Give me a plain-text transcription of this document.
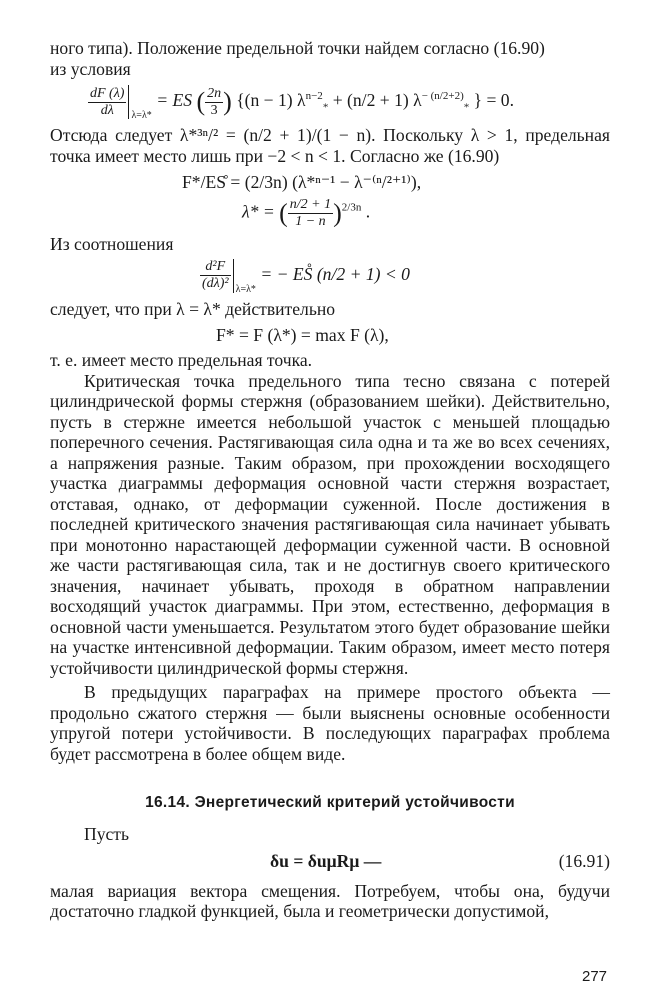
ного типа). Положение предельной точки найдем согласно (16.90)

из условия

$\frac{dF (\lambda)}{d\lambda} _{\lambda=\lambda*}$ = ES ( $\frac{2n}{3}$ ) {(n − 1) $\lambda^{n-2}_* + (n/2 + 1)$ $\lambda^{- (n/2+2)}_*$ } = 0.

Отсюда следует λ*³ⁿ/² = (n/2 + 1)/(1 − n). Поскольку λ > 1, предельная точка имеет место лишь при −2 < n < 1. Согласно же (16.90)

F*/ES̊ = (2/3n) (λ*ⁿ⁻¹ − λ⁻⁽ⁿ/²⁺¹⁾),
λ* = ( $\frac{n/2 + 1}{1 - n} )^{2/3n}$ .

Из соотношения

$\frac{\text{d²F}}{\text{(dλ)²}} _{\lambda=\lambda*}$ = − ES̊ (n/2 + 1) < 0

следует, что при λ = λ* действительно

F* = F (λ*) = max F (λ),

т. е. имеет место предельная точка.

Критическая точка предельного типа тесно связана с потерей цилиндрической формы стержня (образованием шейки). Действительно, пусть в стержне имеется небольшой участок с меньшей площадью поперечного сечения. Растягивающая сила одна и та же во всех сечениях, а напряжения разные. Таким образом, при прохождении восходящего участка диаграммы деформация основной части стержня возрастает, отставая, однако, от деформации суженной. После достижения в последней критического значения растягивающая сила начинает убывать при монотонно нарастающей деформации суженной части. В основной же части растягивающая сила, так и не достигнув своего критического значения, начинает убывать, проходя в обратном направлении восходящий участок диаграммы. При этом, естественно, деформация в основной части уменьшается. Результатом этого будет образование шейки на участке интенсивной деформации. Таким образом, имеет место потеря устойчивости цилиндрической формы стержня.

В предыдущих параграфах на примере простого объекта — продольно сжатого стержня — были выяснены основные особенности упругой потери устойчивости. В последующих параграфах проблема будет рассмотрена в более общем виде.

16.14. Энергетический критерий устойчивости

Пусть

δu = δuμRμ —	(16.91)

малая вариация вектора смещения. Потребуем, чтобы она, будучи достаточно гладкой функцией, была и геометрически допустимой,

277
